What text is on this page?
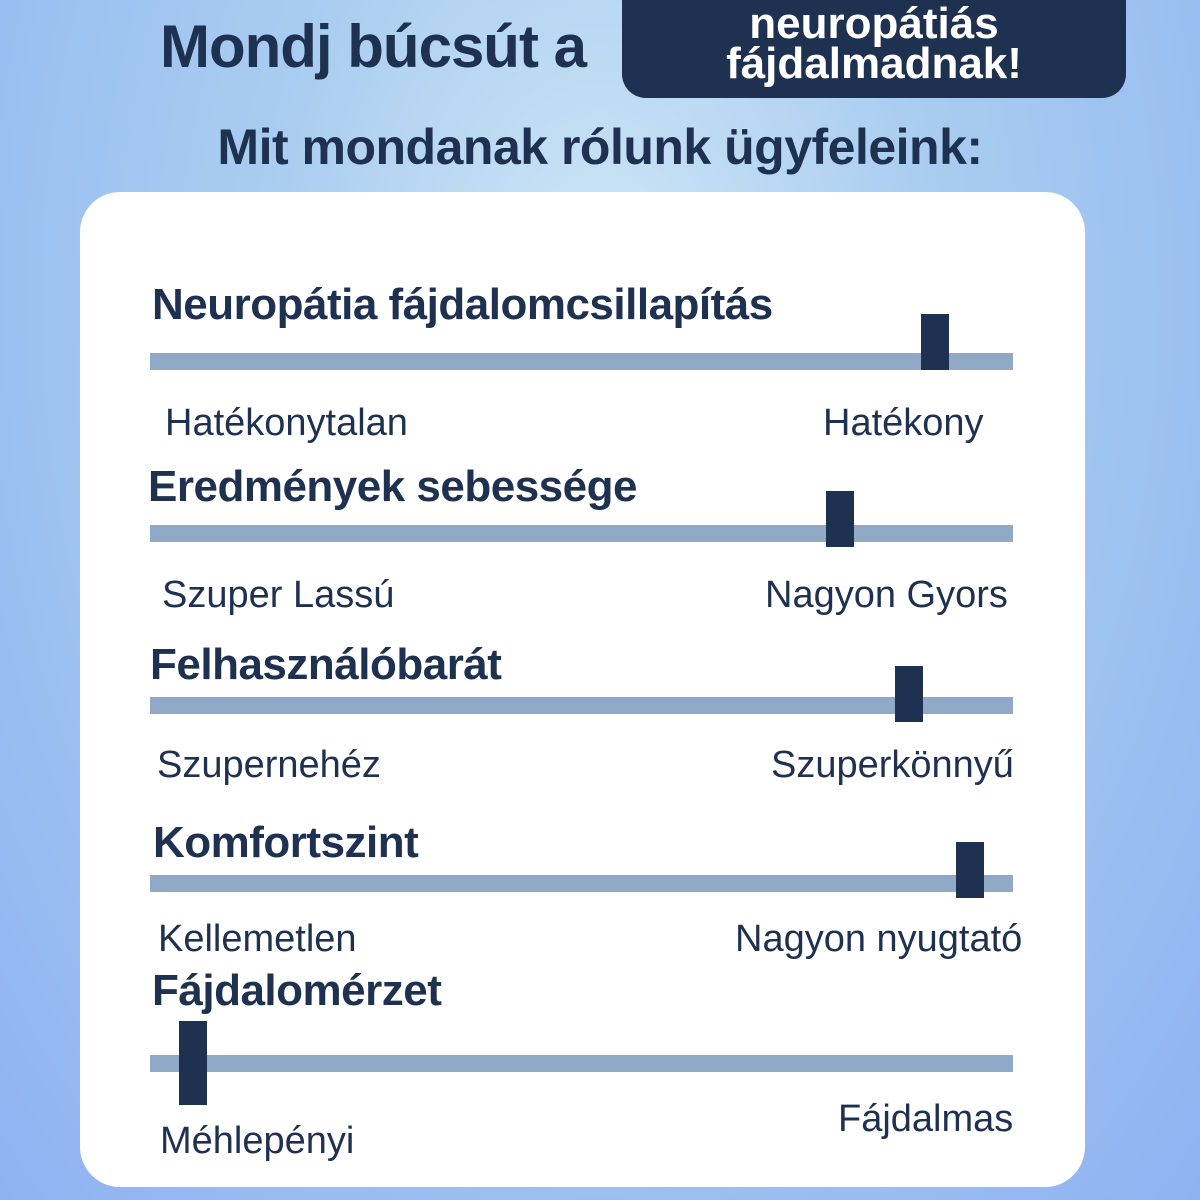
Mondj búcsút a	neuropátiás
fájdalmadnak!
Mit mondanak rólunk ügyfeleink:
Neuropátia fájdalomcsillapítás
Hatékonytalan	Hatékony
Eredmények sebessége
Szuper Lassú	Nagyon Gyors
Felhasználóbarát
Szupernehéz	Szuperkönnyű
Komfortszint
Kellemetlen	Nagyon nyugtató
Fájdalomérzet
Méhlepényi
Fájdalmas
